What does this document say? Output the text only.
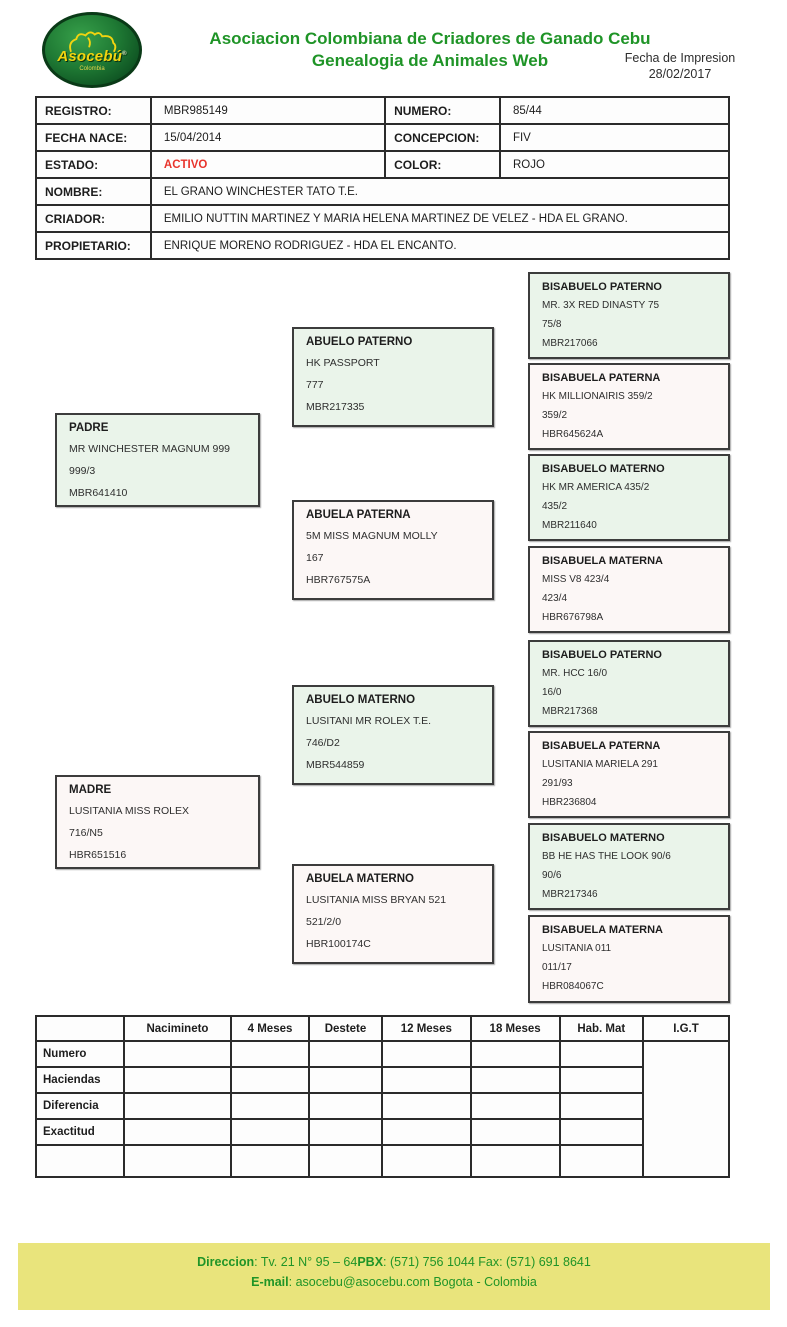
Asocebú®
Colombia
Asociacion Colombiana de Criadores de Ganado Cebu
Genealogia de Animales Web	Fecha de Impresion
28/02/2017
REGISTRO:	MBR985149	NUMERO:	85/44
FECHA NACE:	15/04/2014	CONCEPCION:	FIV
ESTADO:	ACTIVO	COLOR:	ROJO
NOMBRE:	EL GRANO WINCHESTER TATO T.E.		
CRIADOR:	EMILIO NUTTIN MARTINEZ Y MARIA HELENA MARTINEZ DE VELEZ - HDA EL GRANO.		
PROPIETARIO:	ENRIQUE MORENO RODRIGUEZ - HDA EL ENCANTO.		
PADRE
MR WINCHESTER MAGNUM 999
999/3
MBR641410
MADRE
LUSITANIA MISS ROLEX
716/N5
HBR651516
ABUELO PATERNO
HK PASSPORT
777
MBR217335
ABUELA PATERNA
5M MISS MAGNUM MOLLY
167
HBR767575A
ABUELO MATERNO
LUSITANI MR ROLEX T.E.
746/D2
MBR544859
ABUELA MATERNO
LUSITANIA MISS BRYAN 521
521/2/0
HBR100174C
BISABUELO PATERNO
MR. 3X RED DINASTY 75
75/8
MBR217066
BISABUELA PATERNA
HK MILLIONAIRIS 359/2
359/2
HBR645624A
BISABUELO MATERNO
HK MR AMERICA 435/2
435/2
MBR211640
BISABUELA MATERNA
MISS V8 423/4
423/4
HBR676798A
BISABUELO PATERNO
MR. HCC 16/0
16/0
MBR217368
BISABUELA PATERNA
LUSITANIA MARIELA 291
291/93
HBR236804
BISABUELO MATERNO
BB HE HAS THE LOOK 90/6
90/6
MBR217346
BISABUELA MATERNA
LUSITANIA 011
011/17
HBR084067C
	Nacimineto	4 Meses	Destete	12 Meses	18 Meses	Hab. Mat	I.G.T
Numero							
Haciendas							
Diferencia							
Exactitud							

Direccion: Tv. 21 N° 95 – 64PBX: (571) 756 1044 Fax: (571) 691 8641
E-mail: asocebu@asocebu.com Bogota - Colombia
